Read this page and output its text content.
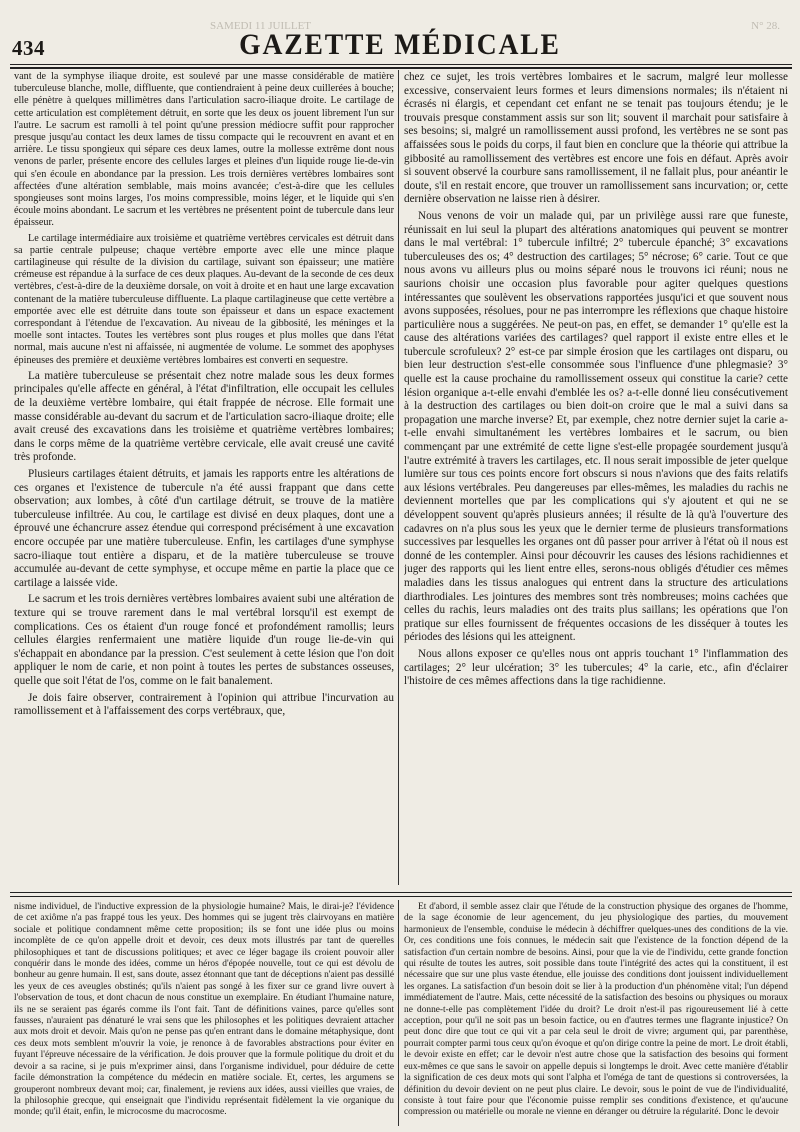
SAMEDI 11 JUILLET	N° 28.
434	GAZETTE MÉDICALE

vant de la symphyse iliaque droite, est soulevé par une masse considérable de matière tuberculeuse blanche, molle, diffluente, que contiendraient à peine deux cuillerées à bouche; elle pénètre à quelques millimètres dans l'articulation sacro-iliaque droite. Le cartilage de cette articulation est complètement détruit, en sorte que les deux os jouent librement l'un sur l'autre. Le sacrum est ramolli à tel point qu'une pression médiocre suffit pour rapprocher presque jusqu'au contact les deux lames de tissu compacte qui le recouvrent en avant et en arrière. Le tissu spongieux qui sépare ces deux lames, outre la mollesse extrême dont nous venons de parler, présente encore des cellules larges et pleines d'un liquide rouge lie-de-vin qui s'en écoule en abondance par la pression. Les trois dernières vertèbres lombaires sont affectées d'une altération semblable, mais moins avancée; c'est-à-dire que les cellules spongieuses sont moins larges, l'os moins compressible, moins léger, et le liquide qui s'en écoule moins abondant. Le sacrum et les vertèbres ne présentent point de tubercule dans leur épaisseur.

Le cartilage intermédiaire aux troisième et quatrième vertèbres cervicales est détruit dans sa partie centrale pulpeuse; chaque vertèbre emporte avec elle une mince plaque cartilagineuse qui résulte de la division du cartilage, suivant son épaisseur; une matière crémeuse est répandue à la surface de ces deux plaques. Au-devant de la seconde de ces deux vertèbres, c'est-à-dire de la deuxième dorsale, on voit à droite et en haut une large excavation contenant de la matière tuberculeuse diffluente. La plaque cartilagineuse que cette vertèbre a emportée avec elle est détruite dans toute son épaisseur et dans un espace exactement correspondant à l'étendue de l'excavation. Au niveau de la gibbosité, les méninges et la moelle sont intactes. Toutes les vertèbres sont plus rouges et plus molles que dans l'état normal, mais aucune n'est ni affaissée, ni augmentée de volume. Le sommet des apophyses épineuses des première et deuxième vertèbres lombaires est converti en sequestre.

La matière tuberculeuse se présentait chez notre malade sous les deux formes principales qu'elle affecte en général, à l'état d'infiltration, elle occupait les cellules de la deuxième vertèbre lombaire, qui était frappée de nécrose. Elle formait une masse considérable au-devant du sacrum et de l'articulation sacro-iliaque droite; elle avait creusé des excavations dans les troisième et quatrième vertèbres lombaires; dans le corps même de la quatrième vertèbre cervicale, elle avait creusé une cavité très profonde.

Plusieurs cartilages étaient détruits, et jamais les rapports entre les altérations de ces organes et l'existence de tubercule n'a été aussi frappant que dans cette observation; aux lombes, à côté d'un cartilage détruit, se trouve de la matière tuberculeuse infiltrée. Au cou, le cartilage est divisé en deux plaques, dont une a éprouvé une échancrure assez étendue qui correspond précisément à une excavation encore occupée par une matière tuberculeuse. Enfin, les cartilages d'une symphyse sacro-iliaque tout entière a disparu, et de la matière tuberculeuse se trouve accumulée au-devant de cette symphyse, et occupe même en partie la place que ce cartilage a laissée vide.

Le sacrum et les trois dernières vertèbres lombaires avaient subi une altération de texture qui se trouve rarement dans le mal vertébral lorsqu'il est exempt de complications. Ces os étaient d'un rouge foncé et profondément ramollis; leurs cellules élargies renfermaient une matière liquide d'un rouge lie-de-vin qui s'échappait en abondance par la pression. C'est seulement à cette lésion que l'on doit appliquer le nom de carie, et non point à toutes les pertes de substances osseuses, quelle que soit l'état de l'os, comme on le fait banalement.

Je dois faire observer, contrairement à l'opinion qui attribue l'incurvation au ramollissement et à l'affaissement des corps vertébraux, que,

chez ce sujet, les trois vertèbres lombaires et le sacrum, malgré leur mollesse excessive, conservaient leurs formes et leurs dimensions normales; ils n'étaient ni écrasés ni élargis, et cependant cet enfant ne se tenait pas toujours étendu; je le trouvais presque constamment assis sur son lit; souvent il marchait pour satisfaire à ses besoins; si, malgré un ramollissement aussi profond, les vertèbres ne se sont pas affaissées sous le poids du corps, il faut bien en conclure que la théorie qui attribue la gibbosité au ramollissement des vertèbres est encore une fois en défaut. Après avoir si souvent observé la courbure sans ramollissement, il ne fallait plus, pour anéantir le doute, s'il en restait encore, que trouver un ramollissement sans incurvation; or, cette dernière observation ne laisse rien à désirer.

Nous venons de voir un malade qui, par un privilège aussi rare que funeste, réunissait en lui seul la plupart des altérations anatomiques qui peuvent se montrer dans le mal vertébral: 1° tubercule infiltré; 2° tubercule épanché; 3° excavations tuberculeuses des os; 4° destruction des cartilages; 5° nécrose; 6° carie. Tout ce que nous avons vu ailleurs plus ou moins séparé nous le trouvons ici réuni; nous ne saurions choisir une occasion plus favorable pour agiter quelques questions intéressantes que soulèvent les observations rapportées jusqu'ici et que souvent nous avons supposées, résolues, pour ne pas interrompre les réflexions que chaque histoire particulière nous a suggérées. Ne peut-on pas, en effet, se demander 1° qu'elle est la cause des altérations variées des cartilages? quel rapport il existe entre elles et le tubercule scrofuleux? 2° est-ce par simple érosion que les cartilages ont disparu, ou bien leur destruction s'est-elle consommée sous l'influence d'une phlegmasie? 3° quelle est la cause prochaine du ramollissement osseux qui constitue la carie? cette lésion organique a-t-elle envahi d'emblée les os? a-t-elle donné lieu consécutivement à la destruction des cartilages ou bien doit-on croire que le mal a suivi dans sa propagation une marche inverse? Et, par exemple, chez notre dernier sujet la carie a-t-elle envahi simultanément les vertèbres lombaires et le sacrum, ou bien commençant par une extrémité de cette ligne s'est-elle propagée sourdement jusqu'à l'autre extrémité à travers les cartilages, etc. Il nous serait impossible de jeter quelque lumière sur tous ces points encore fort obscurs si nous n'avions que des faits relatifs aux lésions vertébrales. Peu dangereuses par elles-mêmes, les maladies du rachis ne deviennent mortelles que par les complications qui s'y ajoutent et qui ne se développent souvent qu'après plusieurs années; il résulte de là qu'à l'ouverture des cadavres on n'a plus sous les yeux que le dernier terme de plusieurs transformations successives par lesquelles les organes ont dû passer pour arriver à l'état où il nous est donné de les contempler. Ainsi pour découvrir les causes des lésions rachidiennes et juger des rapports qui les lient entre elles, serons-nous obligés d'étudier ces mêmes maladies dans les tissus analogues qui entrent dans la structure des articulations diarthrodiales. Les jointures des membres sont très nombreuses; moins cachées que celles du rachis, leurs maladies ont des traits plus saillans; les opérations que l'on pratique sur elles fournissent de fréquentes occasions de les disséquer à toutes les périodes des lésions qui les atteignent.

Nous allons exposer ce qu'elles nous ont appris touchant 1° l'inflammation des cartilages; 2° leur ulcération; 3° les tubercules; 4° la carie, etc., afin d'éclairer l'histoire de ces mêmes affections dans la tige rachidienne.

nisme individuel, de l'inductive expression de la physiologie humaine? Mais, le dirai-je? l'évidence de cet axiôme n'a pas frappé tous les yeux. Des hommes qui se jugent très clairvoyans en matière sociale et politique condamnent même cette proposition; ils se font une idée plus ou moins incomplète de ce qu'on appelle droit et devoir, ces deux mots illustrés par tant de querelles philosophiques et tant de discussions politiques; et avec ce léger bagage ils croient pouvoir aller conquérir dans le monde des idées, comme un héros d'épopée nouvelle, tout ce qui est dévolu de bonheur au genre humain. Il est, sans doute, assez étonnant que tant de déceptions n'aient pas dessillé les yeux de ces aveugles obstinés; qu'ils n'aient pas songé à les fixer sur ce grand livre ouvert à l'observation de tous, et dont chacun de nous constitue un exemplaire. En étudiant l'humaine nature, ils ne se seraient pas égarés comme ils l'ont fait. Tant de définitions vaines, parce qu'elles sont fausses, n'auraient pas dénaturé le vrai sens que les philosophes et les politiques devraient attacher aux mots droit et devoir. Mais qu'on ne pense pas qu'en entrant dans le domaine métaphysique, dont ces deux mots semblent m'ouvrir la voie, je renonce à de favorables abstractions pour éviter en fuyant l'épreuve nécessaire de la vérification. Je dois prouver que la formule politique du droit et du devoir a sa racine, si je puis m'exprimer ainsi, dans l'organisme individuel, pour déduire de cette facile démonstration la compétence du médecin en matière sociale. Et, certes, les argumens se grouperont nombreux devant moi; car, finalement, je reviens aux idées, aussi vieilles que vraies, de la philosophie grecque, qui enseignait que l'individu représentait fidèlement la vie organique du monde; qu'il était, enfin, le microcosme du macrocosme.

Et d'abord, il semble assez clair que l'étude de la construction physique des organes de l'homme, de la sage économie de leur agencement, du jeu physiologique des parties, du mouvement harmonieux de l'ensemble, conduise le médecin à déchiffrer quelques-unes des conditions de la vie. Or, ces conditions une fois connues, le médecin sait que l'existence de la fonction dépend de la satisfaction d'un certain nombre de besoins. Ainsi, pour que la vie de l'individu, cette grande fonction qui résulte de toutes les autres, soit possible dans toute l'intégrité des actes qui la constituent, il est nécessaire que sur une plus vaste étendue, elle jouisse des conditions dont jouissent individuellement les organes. La satisfaction d'un besoin doit se lier à la production d'un phénomène vital; l'un dépend immédiatement de l'autre. Mais, cette nécessité de la satisfaction des besoins ou physiques ou moraux ne donne-t-elle pas complètement l'idée du droit? Le droit n'est-il pas rigoureusement lié à cette acception, pour qu'il ne soit pas un besoin factice, ou en d'autres termes une flagrante injustice? On peut donc dire que tout ce qui vit a par cela seul le droit de vivre; argument qui, par parenthèse, pourrait compter parmi tous ceux qu'on évoque et qu'on dirige contre la peine de mort. Le droit établi, le devoir existe en effet; car le devoir n'est autre chose que la satisfaction des besoins qui forment eux-mêmes ce que sans le savoir on appelle depuis si longtemps le droit. Avec cette manière d'établir la signification de ces deux mots qui sont l'alpha et l'oméga de tant de questions si controversées, la définition du devoir devient on ne peut plus claire. Le devoir, sous le point de vue de l'individualité, consiste à tout faire pour que l'économie puisse remplir ses conditions d'existence, et qu'aucune compression ou matérielle ou morale ne vienne en déranger ou détruire la régularité. Donc le devoir
